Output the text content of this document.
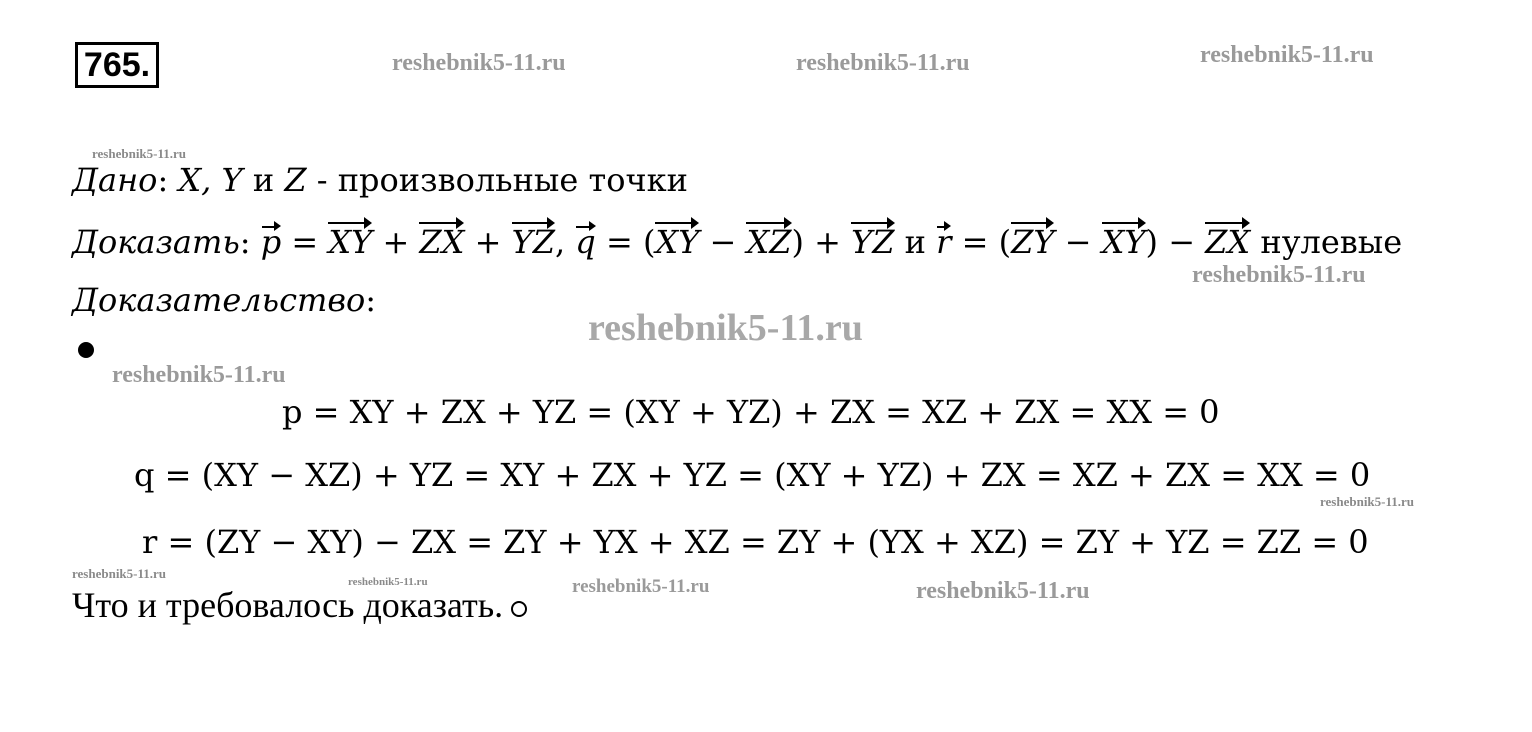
765.	reshebnik5-11.ru	reshebnik5-11.ru	reshebnik5-11.ru
reshebnik5-11.ru
reshebnik5-11.ru
reshebnik5-11.ru
reshebnik5-11.ru
reshebnik5-11.ru
reshebnik5-11.ru
reshebnik5-11.ru	reshebnik5-11.ru	reshebnik5-11.ru
Дано: X, Y и Z - произвольные точки
Доказать: p = XY + ZX + YZ, q = (XY − XZ) + YZ и r = (ZY − XY) − ZX нулевые
Доказательство:
p = XY + ZX + YZ = (XY + YZ) + ZX = XZ + ZX = XX = 0
q = (XY − XZ) + YZ = XY + ZX + YZ = (XY + YZ) + ZX = XZ + ZX = XX = 0
r = (ZY − XY) − ZX = ZY + YX + XZ = ZY + (YX + XZ) = ZY + YZ = ZZ = 0
Что и требовалось доказать.
